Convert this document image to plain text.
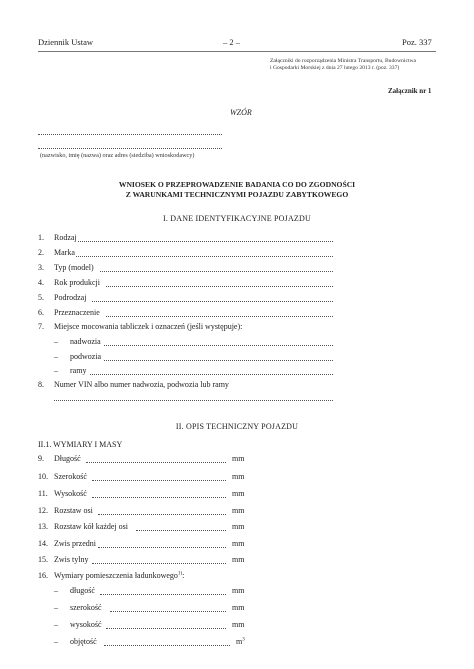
Dziennik Ustaw	– 2 –	Poz. 337
Załączniki do rozporządzenia Ministra Transportu, Budownictwa
i Gospodarki Morskiej z dnia 27 lutego 2013 r. (poz. 337)
Załącznik nr 1
WZÓR
(nazwisko, imię (nazwa) oraz adres (siedziba) wnioskodawcy)
WNIOSEK O PRZEPROWADZENIE BADANIA CO DO ZGODNOŚCI
Z WARUNKAMI TECHNICZNYMI POJAZDU ZABYTKOWEGO
I. DANE IDENTYFIKACYJNE POJAZDU
1. Rodzaj
2. Marka
3. Typ (model)
4. Rok produkcji
5. Podrodzaj
6. Przeznaczenie
7. Miejsce mocowania tabliczek i oznaczeń (jeśli występuje):
– nadwozia
– podwozia
– ramy
8. Numer VIN albo numer nadwozia, podwozia lub ramy
II. OPIS TECHNICZNY POJAZDU
II.1. WYMIARY I MASY
9. Długość	mm
10. Szerokość	mm
11. Wysokość	mm
12. Rozstaw osi	mm
13. Rozstaw kół każdej osi	mm
14. Zwis przedni	mm
15. Zwis tylny	mm
16. Wymiary pomieszczenia ładunkowego$^{1)}$:
– długość	mm
– szerokość	mm
– wysokość	mm
– objętość	$m^3$
